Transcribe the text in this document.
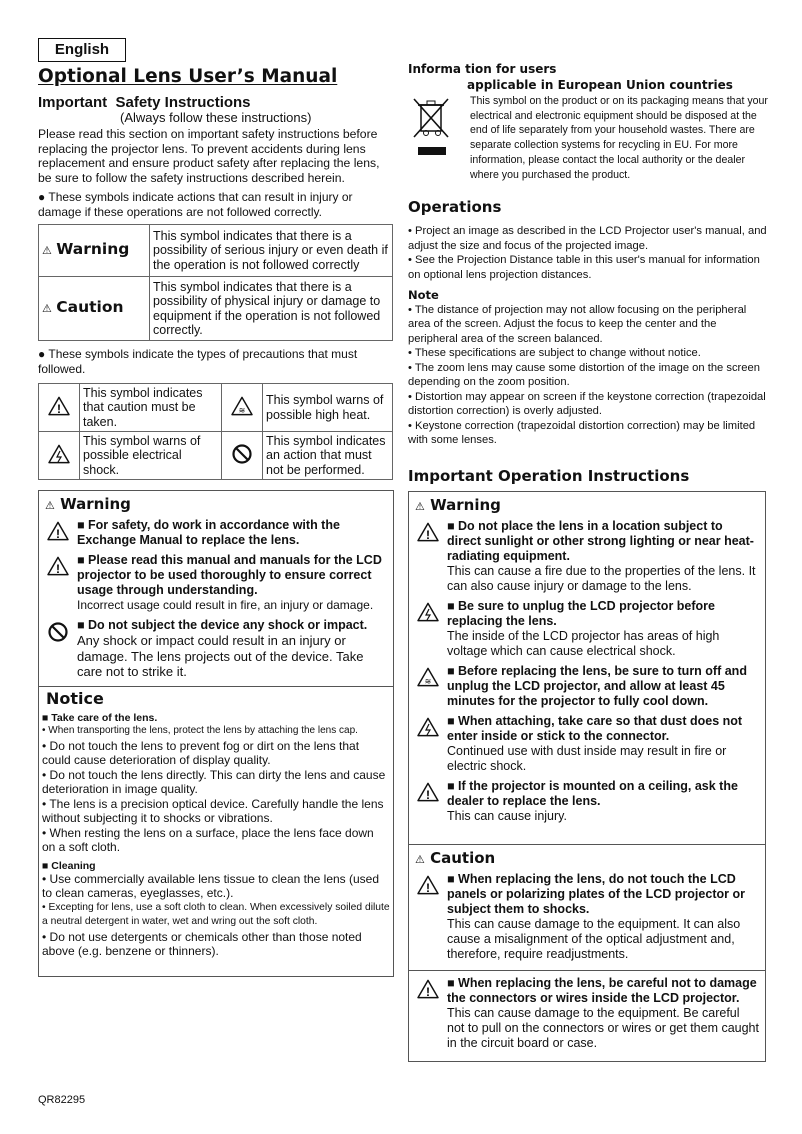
English
Optional Lens User’s Manual
Important  Safety Instructions
(Always follow these instructions)
Please read this section on important safety instructions before replacing the projector lens. To prevent accidents during lens replacement and ensure product safety after replacing the lens, be sure to follow the safety instructions described herein.
● These symbols indicate actions that can result in injury or damage if these operations are not followed correctly.
⚠ Warning	This symbol indicates that there is a possibility of serious injury or even death if the operation is not followed correctly
⚠ Caution	This symbol indicates that there is a possibility of physical injury or damage to equipment if the operation is not followed correctly.
● These symbols indicate the types of precautions that must followed.
!	This symbol indicates that caution must be taken.	≋	This symbol warns of possible high heat.
	This symbol warns of possible electrical shock.		This symbol indicates an action that must not be performed.
⚠ Warning
!
■ For safety, do work in accordance with the Exchange Manual to replace the lens.
!
■ Please read this manual and manuals for the LCD projector to be used thoroughly to ensure correct usage through understanding.
Incorrect usage could result in fire, an injury or damage.
■ Do not subject the device any shock or impact.
Any shock or impact could result in an injury or damage. The lens projects out of the device. Take care not to strike it.
Notice
■ Take care of the lens.

• When transporting the lens, protect the lens by attaching the lens cap.

• Do not touch the lens to prevent fog or dirt on the lens that could cause deterioration of display quality.

• Do not touch the lens directly. This can dirty the lens and cause deterioration in image quality.

• The lens is a precision optical device. Carefully handle the lens without subjecting it to shocks or vibrations.

• When resting the lens on a surface, place the lens face down on a soft cloth.

■ Cleaning

• Use commercially available lens tissue to clean the lens (used to clean cameras, eyeglasses, etc.).

• Excepting for lens, use a soft cloth to clean. When excessively soiled dilute a neutral detergent in water, wet and wring out the soft cloth.

• Do not use detergents or chemicals other than those noted above (e.g. benzene or thinners).

Informa tion for users
applicable in European Union countries
This symbol on the product or on its packaging means that your electrical and electronic equipment should be disposed at the end of life separately from your household wastes. There are separate collection systems for recycling in EU. For more information, please contact the local authority or the dealer where you purchased the product.
Operations
• Project an image as described in the LCD Projector user's manual, and adjust the size and focus of the projected image.
• See the Projection Distance table in this user's manual for information on optional lens projection distances.
Note
• The distance of projection may not allow focusing on the peripheral area of the screen. Adjust the focus to keep the center and the peripheral area of the screen balanced.
• These specifications are subject to change without notice.
• The zoom lens may cause some distortion of the image on the screen depending on the zoom position.
• Distortion may appear on screen if the keystone correction (trapezoidal distortion correction) is overly adjusted.
• Keystone correction (trapezoidal distortion correction) may be limited with some lenses.
Important Operation Instructions
⚠ Warning
!
■ Do not place the lens in a location subject to direct sunlight or other strong lighting or near heat-radiating equipment.
This can cause a fire due to the properties of the lens. It can also cause injury or damage to the lens.
■ Be sure to unplug the LCD projector before replacing the lens.
The inside of the LCD projector has areas of high voltage which can cause electrical shock.
≋
■ Before replacing the lens, be sure to turn off and unplug the LCD projector, and allow at least 45 minutes for the projector to fully cool down.
■ When attaching, take care so that dust does not enter inside or stick to the connector.
Continued use with dust inside may result in fire or electric shock.
!
■ If the projector is mounted on a ceiling, ask the dealer to replace the lens.
This can cause injury.
⚠ Caution
!
■ When replacing the lens, do not touch the LCD panels or polarizing plates of the LCD projector or subject them to shocks.
This can cause damage to the equipment. It can also cause a misalignment of the optical adjustment and, therefore, require readjustments.
!
■ When replacing the lens, be careful not to damage the connectors or wires inside the LCD projector.
This can cause damage to the equipment. Be careful not to pull on the connectors or wires or get them caught in the circuit board or case.
QR82295
